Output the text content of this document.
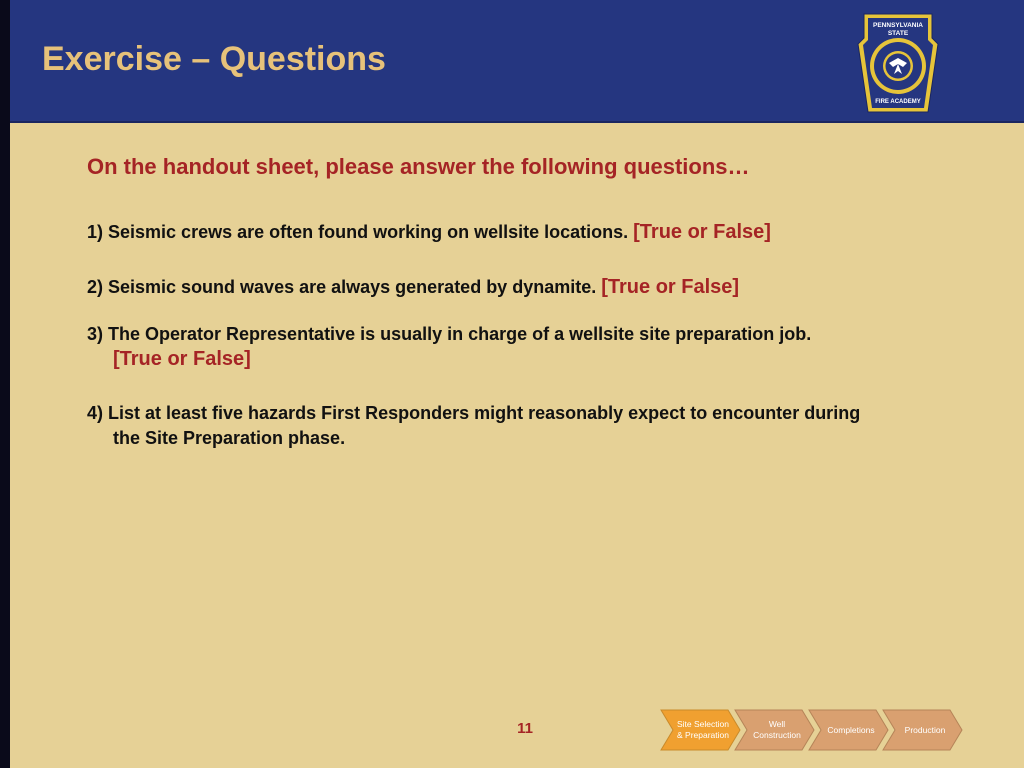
Exercise – Questions
PENNSYLVANIA
STATE
FIRE ACADEMY

On the handout sheet, please answer the following questions…

1) Seismic crews are often found working on wellsite locations. [True or False]
2) Seismic sound waves are always generated by dynamite. [True or False]
3) The Operator Representative is usually in charge of a wellsite site preparation job.
[True or False]
4) List at least five hazards First Responders might reasonably expect to encounter during
the Site Preparation phase.
11	Site Selection
& Preparation
Well
Construction	Completions	Production
